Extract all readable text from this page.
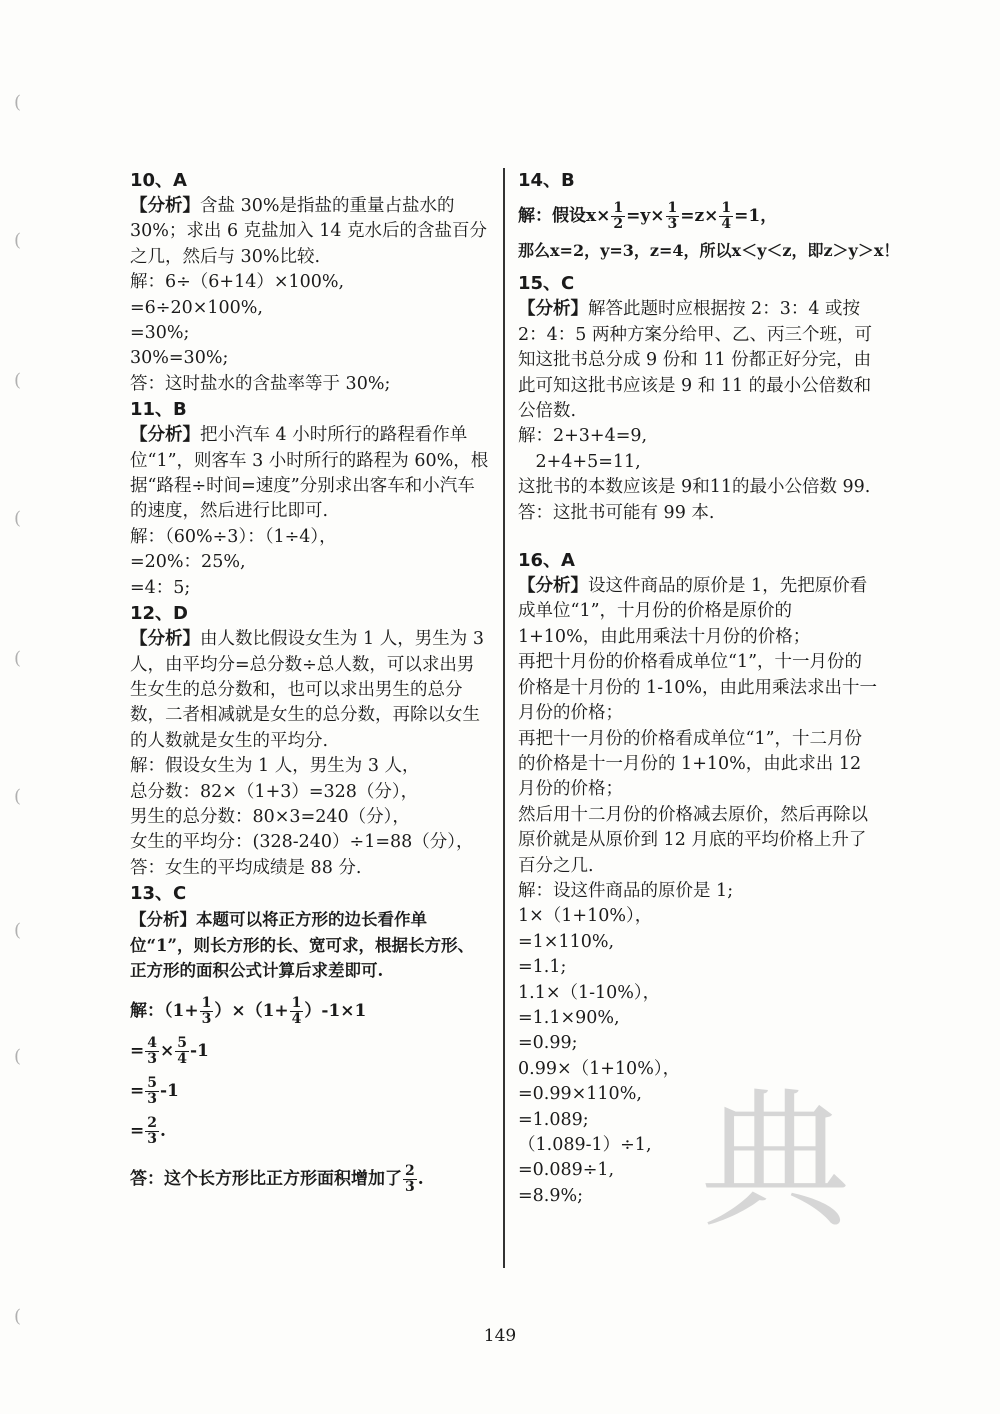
(
(
(
(
(
(
(
(
(
典
10、A
【分析】含盐 30%是指盐的重量占盐水的 30%；求出 6 克盐加入 14 克水后的含盐百分之几，然后与 30%比较.
解：6÷（6+14）×100%,
=6÷20×100%,
=30%;
30%=30%;
答：这时盐水的含盐率等于 30%;
11、B
【分析】把小汽车 4 小时所行的路程看作单位“1”，则客车 3 小时所行的路程为 60%，根据“路程÷时间=速度”分别求出客车和小汽车的速度，然后进行比即可.
解：（60%÷3）：（1÷4），
=20%：25%,
=4：5;
12、D
【分析】由人数比假设女生为 1 人，男生为 3 人，由平均分=总分数÷总人数，可以求出男生女生的总分数和，也可以求出男生的总分数，二者相减就是女生的总分数，再除以女生的人数就是女生的平均分.
解：假设女生为 1 人，男生为 3 人，
总分数：82×（1+3）=328（分），
男生的总分数：80×3=240（分），
女生的平均分：(328-240）÷1=88（分），
答：女生的平均成绩是 88 分.
13、C
【分析】本题可以将正方形的边长看作单位“1”，则长方形的长、宽可求，根据长方形、正方形的面积公式计算后求差即可.
解：$(1+ \frac{1}{3} )\times(1+ \frac{1}{4} )-1\times 1$
= $\frac{4}{3} \times \frac{5}{4} -1$
= $\frac{5}{3} -1$
= $\frac{2}{3}$ .
答：这个长方形比正方形面积增加了 $\frac{2}{3}$ .
14、B
解：假设$x\times \frac{1}{2} =y\times \frac{1}{3} =z\times \frac{1}{4} =1$，
那么x=2，y=3，z=4，所以x＜y＜z，即z＞y＞x！
15、C
【分析】解答此题时应根据按 2：3：4 或按 2：4：5 两种方案分给甲、乙、丙三个班，可知这批书总分成 9 份和 11 份都正好分完，由此可知这批书应该是 9 和 11 的最小公倍数和公倍数.
解：2+3+4=9,
　2+4+5=11,
这批书的本数应该是 9和11的最小公倍数 99.
答：这批书可能有 99 本.
16、A
【分析】设这件商品的原价是 1，先把原价看成单位“1”，十月份的价格是原价的 1+10%，由此用乘法十月份的价格；
再把十月份的价格看成单位“1”，十一月份的价格是十月份的 1-10%，由此用乘法求出十一月份的价格；
再把十一月份的价格看成单位“1”，十二月份的价格是十一月份的 1+10%，由此求出 12 月份的价格；
然后用十二月份的价格减去原价，然后再除以原价就是从原价到 12 月底的平均价格上升了百分之几.
解：设这件商品的原价是 1;
1×（1+10%），
=1×110%,
=1.1;
1.1×（1-10%），
=1.1×90%,
=0.99;
0.99×（1+10%），
=0.99×110%,
=1.089;
（1.089-1）÷1,
=0.089÷1,
=8.9%;
149
